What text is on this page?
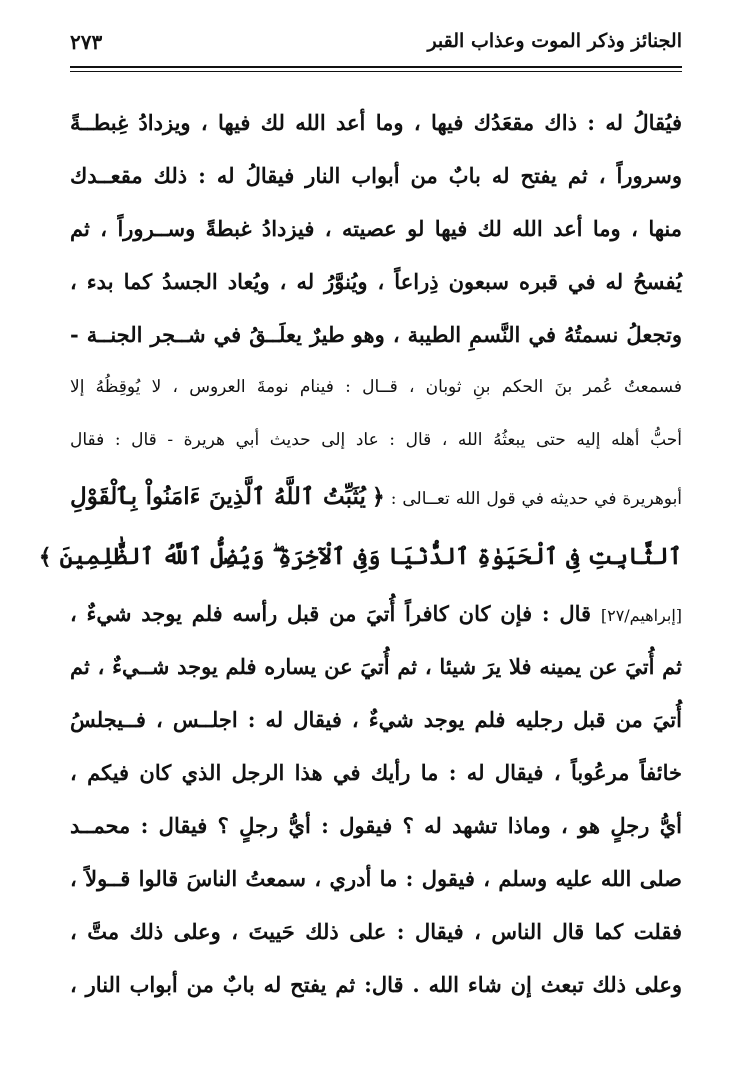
الجنائز وذكر الموت وعذاب القبر
٢٧٣
فيُقالُ له : ذاك مقعَدُك فيها ، وما أعد الله لك فيها ، ويزدادُ غِبطــةً
وسروراً ، ثم يفتح له بابٌ من أبواب النار فيقالُ له : ذلك مقعــدك
منها ، وما أعد الله لك فيها لو عصيته ، فيزدادُ غبطةً وســروراً ، ثم
يُفسحُ له في قبره سبعون ذِراعاً ، ويُنوَّرُ له ، ويُعاد الجسدُ كما بدء ،
وتجعلُ نسمتُهُ في النَّسمِ الطيبة ، وهو طيرٌ يعلَــقُ في شــجر الجنــة -
فسمعتُ عُمر بنَ الحكم بنِ ثوبان ، قــال : فينام نومةَ العروس ، لا يُوقِظُهُ إلا
أحبُّ أهله إليه حتى يبعثُهُ الله ، قال : عاد إلى حديث أبي هريرة - قال : فقال
أبوهريرة في حديثه في قول الله تعــالى : ﴿ يُثَبِّتُ ٱللَّهُ ٱلَّذِينَ ءَامَنُواْ بِٱلْقَوْلِ
ٱلثَّابِتِ فِى ٱلْحَيَوٰةِ ٱلدُّنْيَا وَفِى ٱلْآخِرَةِ ۖ وَيُضِلُّ ٱللَّهُ ٱلظَّٰلِمِينَ ﴾
[إبراهيم/٢٧] قال : فإن كان كافراً أُتيَ من قبل رأسه فلم يوجد شيءٌ ،
ثم أُتيَ عن يمينه فلا يرَ شيئا ، ثم أُتيَ عن يساره فلم يوجد شــيءٌ ، ثم
أُتيَ من قبل رجليه فلم يوجد شيءٌ ، فيقال له : اجلــس ، فــيجلسُ
خائفاً مرعُوباً ، فيقال له : ما رأيك في هذا الرجل الذي كان فيكم ،
أيُّ رجلٍ هو ، وماذا تشهد له ؟ فيقول : أيُّ رجلٍ ؟ فيقال : محمــد
صلى الله عليه وسلم ، فيقول : ما أدري ، سمعتُ الناسَ قالوا قــولاً ،
فقلت كما قال الناس ، فيقال : على ذلك حَييتَ ، وعلى ذلك متَّ ،
وعلى ذلك تبعث إن شاء الله . قال: ثم يفتح له بابٌ من أبواب النار ،
